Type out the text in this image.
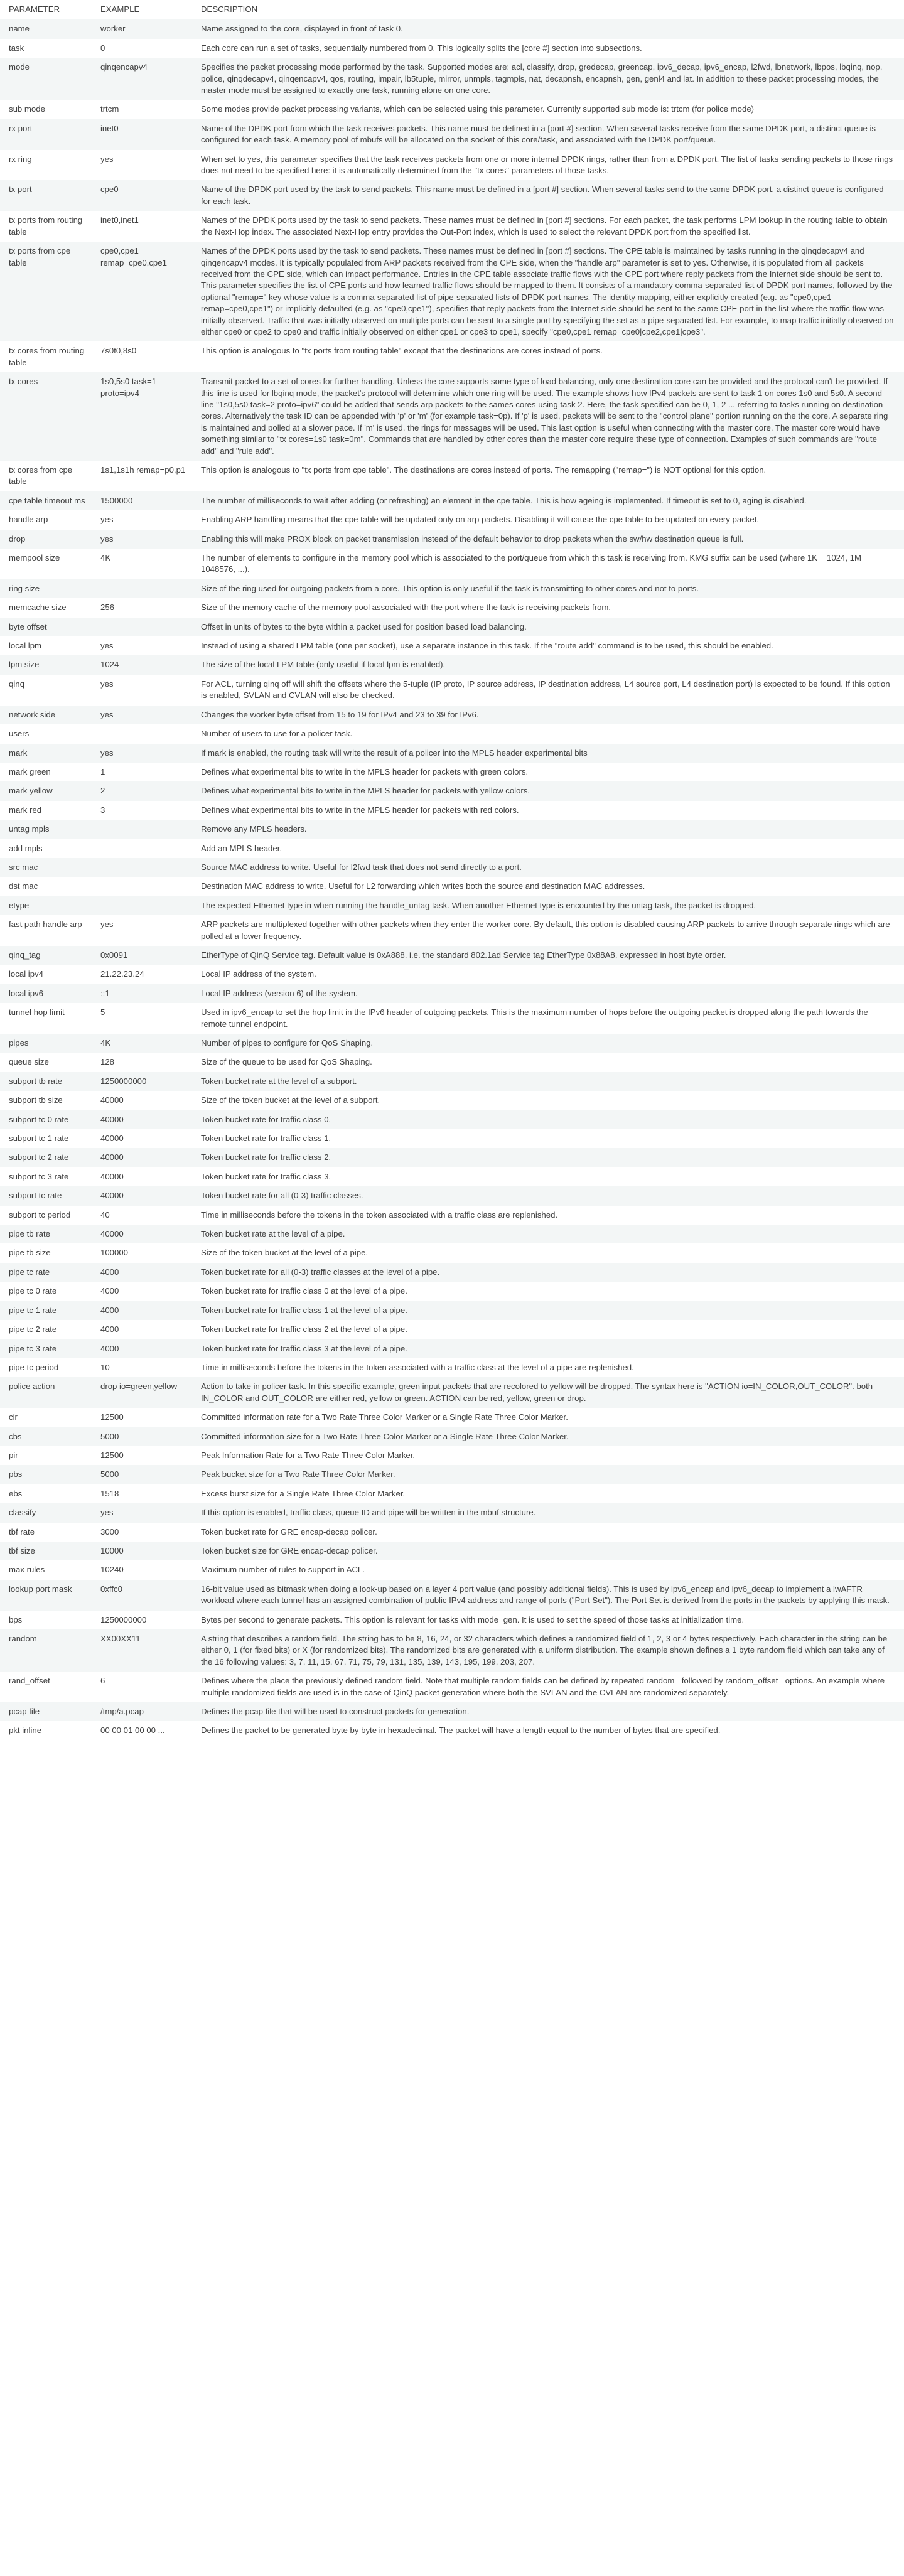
PARAMETER	EXAMPLE	DESCRIPTION
name	worker	Name assigned to the core, displayed in front of task 0.
task	0	Each core can run a set of tasks, sequentially numbered from 0. This logically splits the [core #] section into subsections.
mode	qinqencapv4	Specifies the packet processing mode performed by the task. Supported modes are: acl, classify, drop, gredecap, greencap, ipv6_decap, ipv6_encap, l2fwd, lbnetwork, lbpos, lbqinq, nop, police, qinqdecapv4, qinqencapv4, qos, routing, impair, lb5tuple, mirror, unmpls, tagmpls, nat, decapnsh, encapnsh, gen, genl4 and lat. In addition to these packet processing modes, the master mode must be assigned to exactly one task, running alone on one core.
sub mode	trtcm	Some modes provide packet processing variants, which can be selected using this parameter. Currently supported sub mode is: trtcm (for police mode)
rx port	inet0	Name of the DPDK port from which the task receives packets. This name must be defined in a [port #] section. When several tasks receive from the same DPDK port, a distinct queue is configured for each task. A memory pool of mbufs will be allocated on the socket of this core/task, and associated with the DPDK port/queue.
rx ring	yes	When set to yes, this parameter specifies that the task receives packets from one or more internal DPDK rings, rather than from a DPDK port. The list of tasks sending packets to those rings does not need to be specified here: it is automatically determined from the "tx cores" parameters of those tasks.
tx port	cpe0	Name of the DPDK port used by the task to send packets. This name must be defined in a [port #] section. When several tasks send to the same DPDK port, a distinct queue is configured for each task.
tx ports from routing table	inet0,inet1	Names of the DPDK ports used by the task to send packets. These names must be defined in [port #] sections. For each packet, the task performs LPM lookup in the routing table to obtain the Next-Hop index. The associated Next-Hop entry provides the Out-Port index, which is used to select the relevant DPDK port from the specified list.
tx ports from cpe table	cpe0,cpe1 remap=cpe0,cpe1	Names of the DPDK ports used by the task to send packets. These names must be defined in [port #] sections. The CPE table is maintained by tasks running in the qinqdecapv4 and qinqencapv4 modes. It is typically populated from ARP packets received from the CPE side, when the "handle arp" parameter is set to yes. Otherwise, it is populated from all packets received from the CPE side, which can impact performance. Entries in the CPE table associate traffic flows with the CPE port where reply packets from the Internet side should be sent to. This parameter specifies the list of CPE ports and how learned traffic flows should be mapped to them. It consists of a mandatory comma-separated list of DPDK port names, followed by the optional "remap=" key whose value is a comma-separated list of pipe-separated lists of DPDK port names. The identity mapping, either explicitly created (e.g. as "cpe0,cpe1 remap=cpe0,cpe1") or implicitly defaulted (e.g. as "cpe0,cpe1"), specifies that reply packets from the Internet side should be sent to the same CPE port in the list where the traffic flow was initially observed. Traffic that was initially observed on multiple ports can be sent to a single port by specifying the set as a pipe-separated list. For example, to map traffic initially observed on either cpe0 or cpe2 to cpe0 and traffic initially observed on either cpe1 or cpe3 to cpe1, specify "cpe0,cpe1 remap=cpe0|cpe2,cpe1|cpe3".
tx cores from routing table	7s0t0,8s0	This option is analogous to "tx ports from routing table" except that the destinations are cores instead of ports.
tx cores	1s0,5s0 task=1 proto=ipv4	Transmit packet to a set of cores for further handling. Unless the core supports some type of load balancing, only one destination core can be provided and the protocol can't be provided. If this line is used for lbqinq mode, the packet's protocol will determine which one ring will be used. The example shows how IPv4 packets are sent to task 1 on cores 1s0 and 5s0. A second line "1s0,5s0 task=2 proto=ipv6" could be added that sends arp packets to the sames cores using task 2. Here, the task specified can be 0, 1, 2 ... referring to tasks running on destination cores. Alternatively the task ID can be appended with 'p' or 'm' (for example task=0p). If 'p' is used, packets will be sent to the "control plane" portion running on the the core. A separate ring is maintained and polled at a slower pace. If 'm' is used, the rings for messages will be used. This last option is useful when connecting with the master core. The master core would have something similar to "tx cores=1s0 task=0m". Commands that are handled by other cores than the master core require these type of connection. Examples of such commands are "route add" and "rule add".
tx cores from cpe table	1s1,1s1h remap=p0,p1	This option is analogous to "tx ports from cpe table". The destinations are cores instead of ports. The remapping ("remap=") is NOT optional for this option.
cpe table timeout ms	1500000	The number of milliseconds to wait after adding (or refreshing) an element in the cpe table. This is how ageing is implemented. If timeout is set to 0, aging is disabled.
handle arp	yes	Enabling ARP handling means that the cpe table will be updated only on arp packets. Disabling it will cause the cpe table to be updated on every packet.
drop	yes	Enabling this will make PROX block on packet transmission instead of the default behavior to drop packets when the sw/hw destination queue is full.
mempool size	4K	The number of elements to configure in the memory pool which is associated to the port/queue from which this task is receiving from. KMG suffix can be used (where 1K = 1024, 1M = 1048576, ...).
ring size		Size of the ring used for outgoing packets from a core. This option is only useful if the task is transmitting to other cores and not to ports.
memcache size	256	Size of the memory cache of the memory pool associated with the port where the task is receiving packets from.
byte offset		Offset in units of bytes to the byte within a packet used for position based load balancing.
local lpm	yes	Instead of using a shared LPM table (one per socket), use a separate instance in this task. If the "route add" command is to be used, this should be enabled.
lpm size	1024	The size of the local LPM table (only useful if local lpm is enabled).
qinq	yes	For ACL, turning qinq off will shift the offsets where the 5-tuple (IP proto, IP source address, IP destination address, L4 source port, L4 destination port) is expected to be found. If this option is enabled, SVLAN and CVLAN will also be checked.
network side	yes	Changes the worker byte offset from 15 to 19 for IPv4 and 23 to 39 for IPv6.
users		Number of users to use for a policer task.
mark	yes	If mark is enabled, the routing task will write the result of a policer into the MPLS header experimental bits
mark green	1	Defines what experimental bits to write in the MPLS header for packets with green colors.
mark yellow	2	Defines what experimental bits to write in the MPLS header for packets with yellow colors.
mark red	3	Defines what experimental bits to write in the MPLS header for packets with red colors.
untag mpls		Remove any MPLS headers.
add mpls		Add an MPLS header.
src mac		Source MAC address to write. Useful for l2fwd task that does not send directly to a port.
dst mac		Destination MAC address to write. Useful for L2 forwarding which writes both the source and destination MAC addresses.
etype		The expected Ethernet type in when running the handle_untag task. When another Ethernet type is encounted by the untag task, the packet is dropped.
fast path handle arp	yes	ARP packets are multiplexed together with other packets when they enter the worker core. By default, this option is disabled causing ARP packets to arrive through separate rings which are polled at a lower frequency.
qinq_tag	0x0091	EtherType of QinQ Service tag. Default value is 0xA888, i.e. the standard 802.1ad Service tag EtherType 0x88A8, expressed in host byte order.
local ipv4	21.22.23.24	Local IP address of the system.
local ipv6	::1	Local IP address (version 6) of the system.
tunnel hop limit	5	Used in ipv6_encap to set the hop limit in the IPv6 header of outgoing packets. This is the maximum number of hops before the outgoing packet is dropped along the path towards the remote tunnel endpoint.
pipes	4K	Number of pipes to configure for QoS Shaping.
queue size	128	Size of the queue to be used for QoS Shaping.
subport tb rate	1250000000	Token bucket rate at the level of a subport.
subport tb size	40000	Size of the token bucket at the level of a subport.
subport tc 0 rate	40000	Token bucket rate for traffic class 0.
subport tc 1 rate	40000	Token bucket rate for traffic class 1.
subport tc 2 rate	40000	Token bucket rate for traffic class 2.
subport tc 3 rate	40000	Token bucket rate for traffic class 3.
subport tc rate	40000	Token bucket rate for all (0-3) traffic classes.
subport tc period	40	Time in milliseconds before the tokens in the token associated with a traffic class are replenished.
pipe tb rate	40000	Token bucket rate at the level of a pipe.
pipe tb size	100000	Size of the token bucket at the level of a pipe.
pipe tc rate	4000	Token bucket rate for all (0-3) traffic classes at the level of a pipe.
pipe tc 0 rate	4000	Token bucket rate for traffic class 0 at the level of a pipe.
pipe tc 1 rate	4000	Token bucket rate for traffic class 1 at the level of a pipe.
pipe tc 2 rate	4000	Token bucket rate for traffic class 2 at the level of a pipe.
pipe tc 3 rate	4000	Token bucket rate for traffic class 3 at the level of a pipe.
pipe tc period	10	Time in milliseconds before the tokens in the token associated with a traffic class at the level of a pipe are replenished.
police action	drop io=green,yellow	Action to take in policer task. In this specific example, green input packets that are recolored to yellow will be dropped. The syntax here is "ACTION io=IN_COLOR,OUT_COLOR". both IN_COLOR and OUT_COLOR are either red, yellow or green. ACTION can be red, yellow, green or drop.
cir	12500	Committed information rate for a Two Rate Three Color Marker or a Single Rate Three Color Marker.
cbs	5000	Committed information size for a Two Rate Three Color Marker or a Single Rate Three Color Marker.
pir	12500	Peak Information Rate for a Two Rate Three Color Marker.
pbs	5000	Peak bucket size for a Two Rate Three Color Marker.
ebs	1518	Excess burst size for a Single Rate Three Color Marker.
classify	yes	If this option is enabled, traffic class, queue ID and pipe will be written in the mbuf structure.
tbf rate	3000	Token bucket rate for GRE encap-decap policer.
tbf size	10000	Token bucket size for GRE encap-decap policer.
max rules	10240	Maximum number of rules to support in ACL.
lookup port mask	0xffc0	16-bit value used as bitmask when doing a look-up based on a layer 4 port value (and possibly additional fields). This is used by ipv6_encap and ipv6_decap to implement a lwAFTR workload where each tunnel has an assigned combination of public IPv4 address and range of ports ("Port Set"). The Port Set is derived from the ports in the packets by applying this mask.
bps	1250000000	Bytes per second to generate packets. This option is relevant for tasks with mode=gen. It is used to set the speed of those tasks at initialization time.
random	XX00XX11	A string that describes a random field. The string has to be 8, 16, 24, or 32 characters which defines a randomized field of 1, 2, 3 or 4 bytes respectively. Each character in the string can be either 0, 1 (for fixed bits) or X (for randomized bits). The randomized bits are generated with a uniform distribution. The example shown defines a 1 byte random field which can take any of the 16 following values: 3, 7, 11, 15, 67, 71, 75, 79, 131, 135, 139, 143, 195, 199, 203, 207.
rand_offset	6	Defines where the place the previously defined random field. Note that multiple random fields can be defined by repeated random= followed by random_offset= options. An example where multiple randomized fields are used is in the case of QinQ packet generation where both the SVLAN and the CVLAN are randomized separately.
pcap file	/tmp/a.pcap	Defines the pcap file that will be used to construct packets for generation.
pkt inline	00 00 01 00 00 ...	Defines the packet to be generated byte by byte in hexadecimal. The packet will have a length equal to the number of bytes that are specified.
